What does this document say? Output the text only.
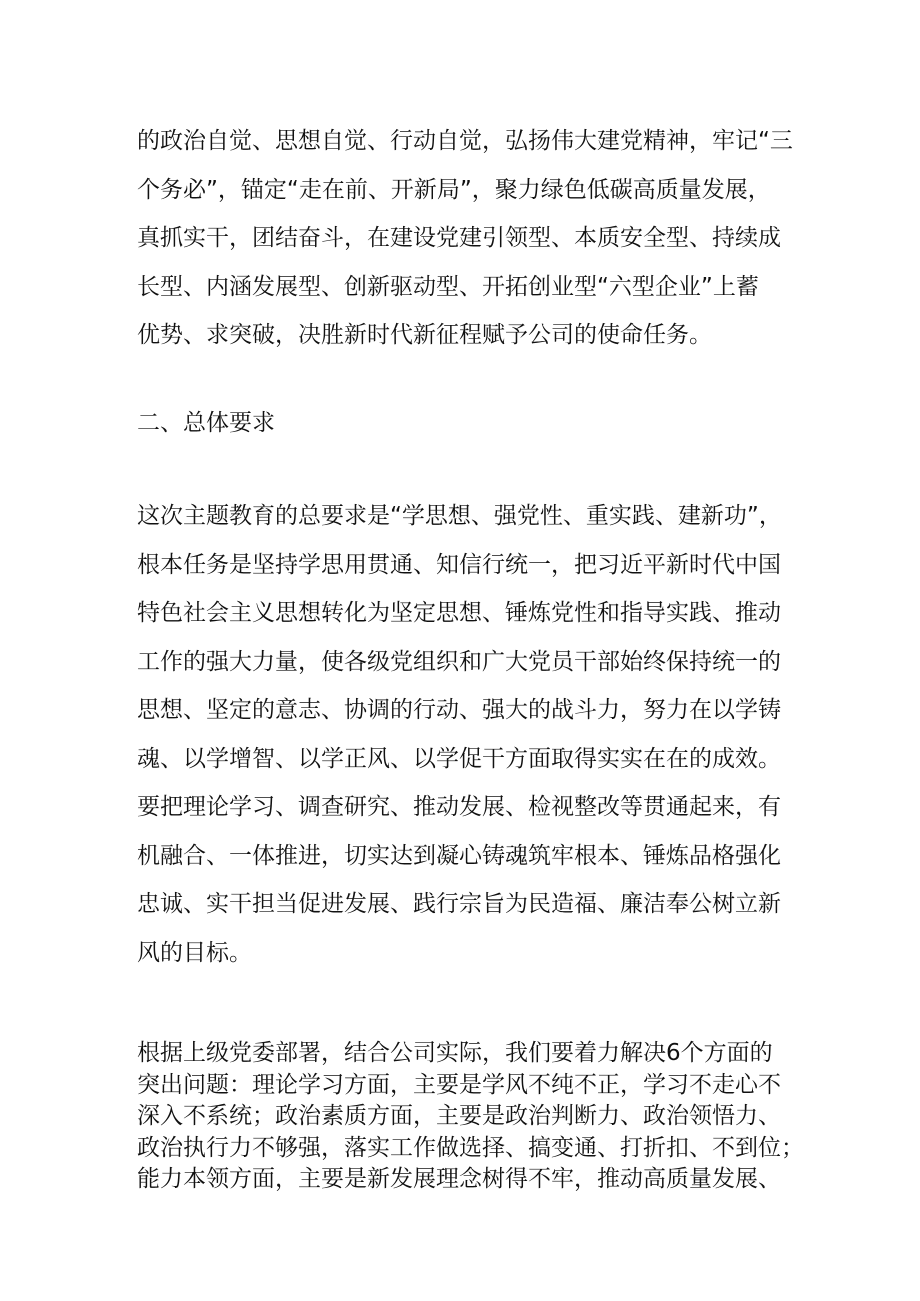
的政治自觉、思想自觉、行动自觉，弘扬伟大建党精神，牢记“三
个务必”，锚定“走在前、开新局”，聚力绿色低碳高质量发展，
真抓实干，团结奋斗，在建设党建引领型、本质安全型、持续成
长型、内涵发展型、创新驱动型、开拓创业型“六型企业”上蓄
优势、求突破，决胜新时代新征程赋予公司的使命任务。

二、总体要求

这次主题教育的总要求是“学思想、强党性、重实践、建新功”，
根本任务是坚持学思用贯通、知信行统一，把习近平新时代中国
特色社会主义思想转化为坚定思想、锤炼党性和指导实践、推动
工作的强大力量，使各级党组织和广大党员干部始终保持统一的
思想、坚定的意志、协调的行动、强大的战斗力，努力在以学铸
魂、以学增智、以学正风、以学促干方面取得实实在在的成效。
要把理论学习、调查研究、推动发展、检视整改等贯通起来，有
机融合、一体推进，切实达到凝心铸魂筑牢根本、锤炼品格强化
忠诚、实干担当促进发展、践行宗旨为民造福、廉洁奉公树立新
风的目标。

根据上级党委部署，结合公司实际，我们要着力解决6个方面的
突出问题：理论学习方面，主要是学风不纯不正，学习不走心不
深入不系统；政治素质方面，主要是政治判断力、政治领悟力、
政治执行力不够强，落实工作做选择、搞变通、打折扣、不到位；
能力本领方面，主要是新发展理念树得不牢，推动高质量发展、
